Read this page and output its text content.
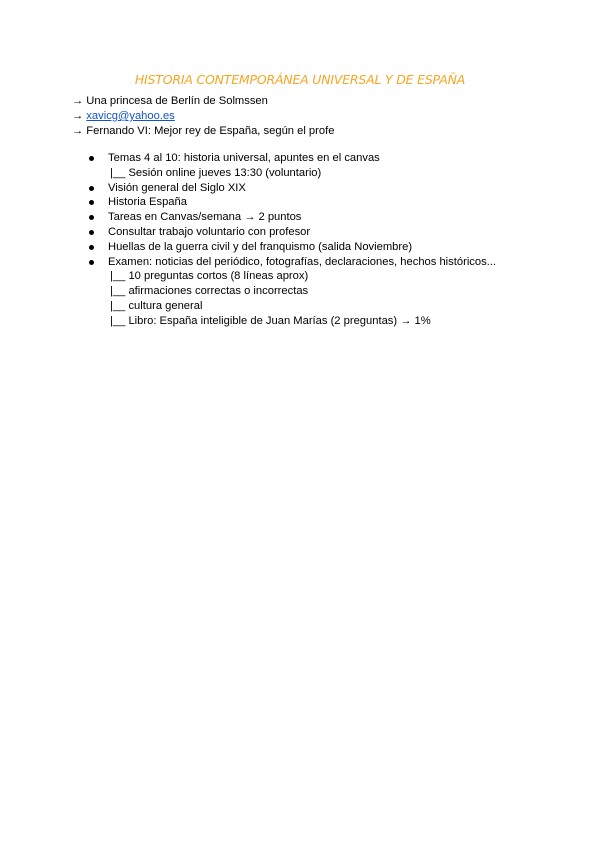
HISTORIA CONTEMPORÁNEA UNIVERSAL Y DE ESPAÑA
→ Una princesa de Berlín de Solmssen
→ xavicg@yahoo.es
→ Fernando VI: Mejor rey de España, según el profe
Temas 4 al 10: historia universal, apuntes en el canvas
|__ Sesión online jueves 13:30 (voluntario)
Visión general del Siglo XIX
Historia España
Tareas en Canvas/semana → 2 puntos
Consultar trabajo voluntario con profesor
Huellas de la guerra civil y del franquismo (salida Noviembre)
Examen: noticias del periódico, fotografías, declaraciones, hechos históricos...
|__ 10 preguntas cortos (8 líneas aprox)
|__ afirmaciones correctas o incorrectas
|__ cultura general
|__ Libro: España inteligible de Juan Marías (2 preguntas) → 1%
